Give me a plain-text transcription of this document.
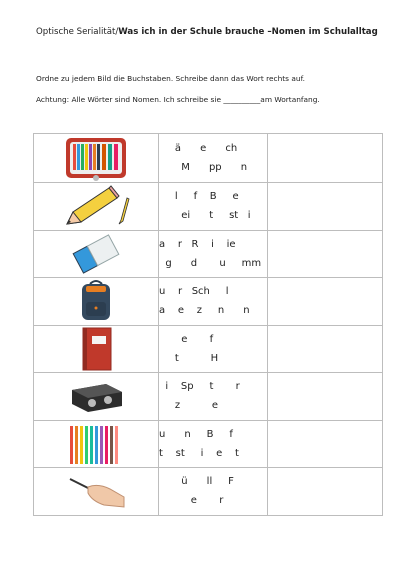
Optische Serialität/Was ich in der Schule brauche –Nomen im Schulalltag
Ordne zu jedem Bild die Buchstaben. Schreibe dann das Wort rechts auf.
Achtung: Alle Wörter sind Nomen. Ich schreibe sie __________am Wortanfang.

ä      e      ch
M      pp      n	

l     f    B     e
ei      t     st   i	

a    r   R    i    ie
g      d       u     mm	

u    r   Sch     l
a    e    z     n      n	

e       f
t          H	

i    Sp     t       r
z          e	

u      n     B     f
t    st     i    e    t	

ü      ll     F
e       r	
